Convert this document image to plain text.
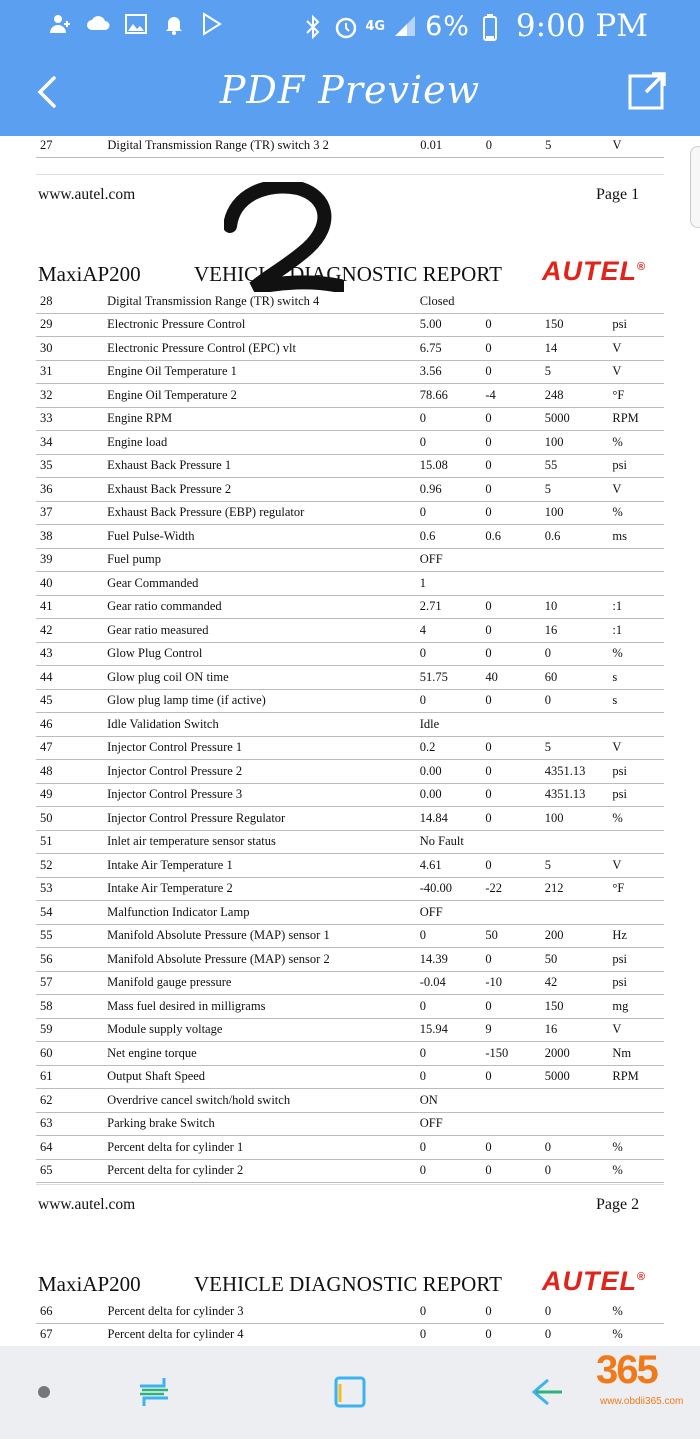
4G 6% 9:00 PM
PDF Preview
27	Digital Transmission Range (TR) switch 3 2	0.01	0	5	V
www.autel.com	Page 1
MaxiAP200	VEHICLE DIAGNOSTIC REPORT AUTEL®
28	Digital Transmission Range (TR) switch 4	Closed			
29	Electronic Pressure Control	5.00	0	150	psi
30	Electronic Pressure Control (EPC) vlt	6.75	0	14	V
31	Engine Oil Temperature 1	3.56	0	5	V
32	Engine Oil Temperature 2	78.66	-4	248	°F
33	Engine RPM	0	0	5000	RPM
34	Engine load	0	0	100	%
35	Exhaust Back Pressure 1	15.08	0	55	psi
36	Exhaust Back Pressure 2	0.96	0	5	V
37	Exhaust Back Pressure (EBP) regulator	0	0	100	%
38	Fuel Pulse-Width	0.6	0.6	0.6	ms
39	Fuel pump	OFF			
40	Gear Commanded	1			
41	Gear ratio commanded	2.71	0	10	:1
42	Gear ratio measured	4	0	16	:1
43	Glow Plug Control	0	0	0	%
44	Glow plug coil ON time	51.75	40	60	s
45	Glow plug lamp time (if active)	0	0	0	s
46	Idle Validation Switch	Idle			
47	Injector Control Pressure 1	0.2	0	5	V
48	Injector Control Pressure 2	0.00	0	4351.13	psi
49	Injector Control Pressure 3	0.00	0	4351.13	psi
50	Injector Control Pressure Regulator	14.84	0	100	%
51	Inlet air temperature sensor status	No Fault			
52	Intake Air Temperature 1	4.61	0	5	V
53	Intake Air Temperature 2	-40.00	-22	212	°F
54	Malfunction Indicator Lamp	OFF			
55	Manifold Absolute Pressure (MAP) sensor 1	0	50	200	Hz
56	Manifold Absolute Pressure (MAP) sensor 2	14.39	0	50	psi
57	Manifold gauge pressure	-0.04	-10	42	psi
58	Mass fuel desired in milligrams	0	0	150	mg
59	Module supply voltage	15.94	9	16	V
60	Net engine torque	0	-150	2000	Nm
61	Output Shaft Speed	0	0	5000	RPM
62	Overdrive cancel switch/hold switch	ON			
63	Parking brake Switch	OFF			
64	Percent delta for cylinder 1	0	0	0	%
65	Percent delta for cylinder 2	0	0	0	%
www.autel.com	Page 2
MaxiAP200	VEHICLE DIAGNOSTIC REPORT AUTEL®
66	Percent delta for cylinder 3	0	0	0	%
67	Percent delta for cylinder 4	0	0	0	%
365
www.obdii365.com
